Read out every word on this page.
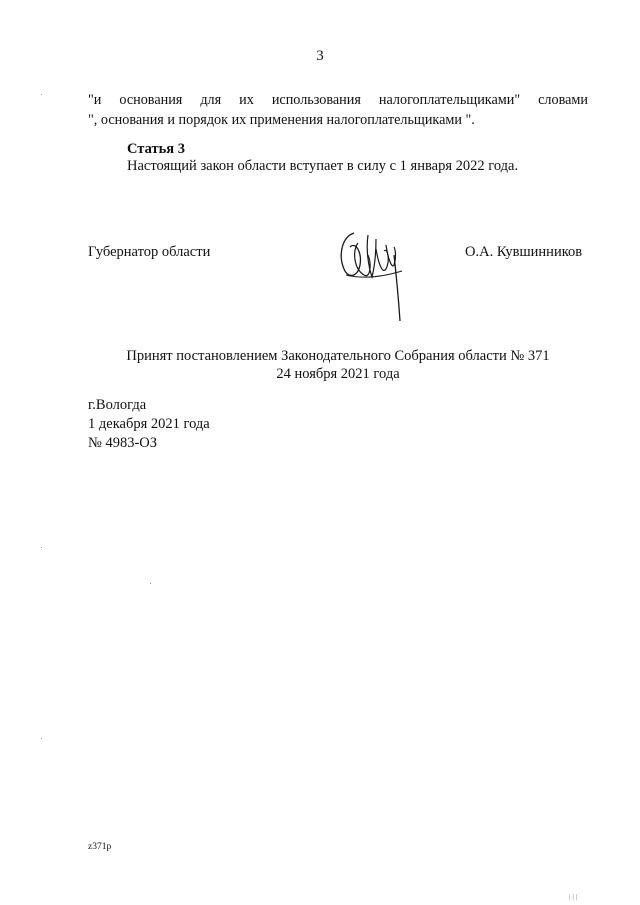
3
"и основания для их использования налогоплательщиками" словами
", основания и порядок их применения налогоплательщиками ".
Статья 3
Настоящий закон области вступает в силу с 1 января 2022 года.
Губернатор области	О.А. Кувшинников
Принят постановлением Законодательного Собрания области № 371
24 ноября 2021 года
г.Вологда
1 декабря 2021 года
№ 4983-ОЗ
z371р
|||
